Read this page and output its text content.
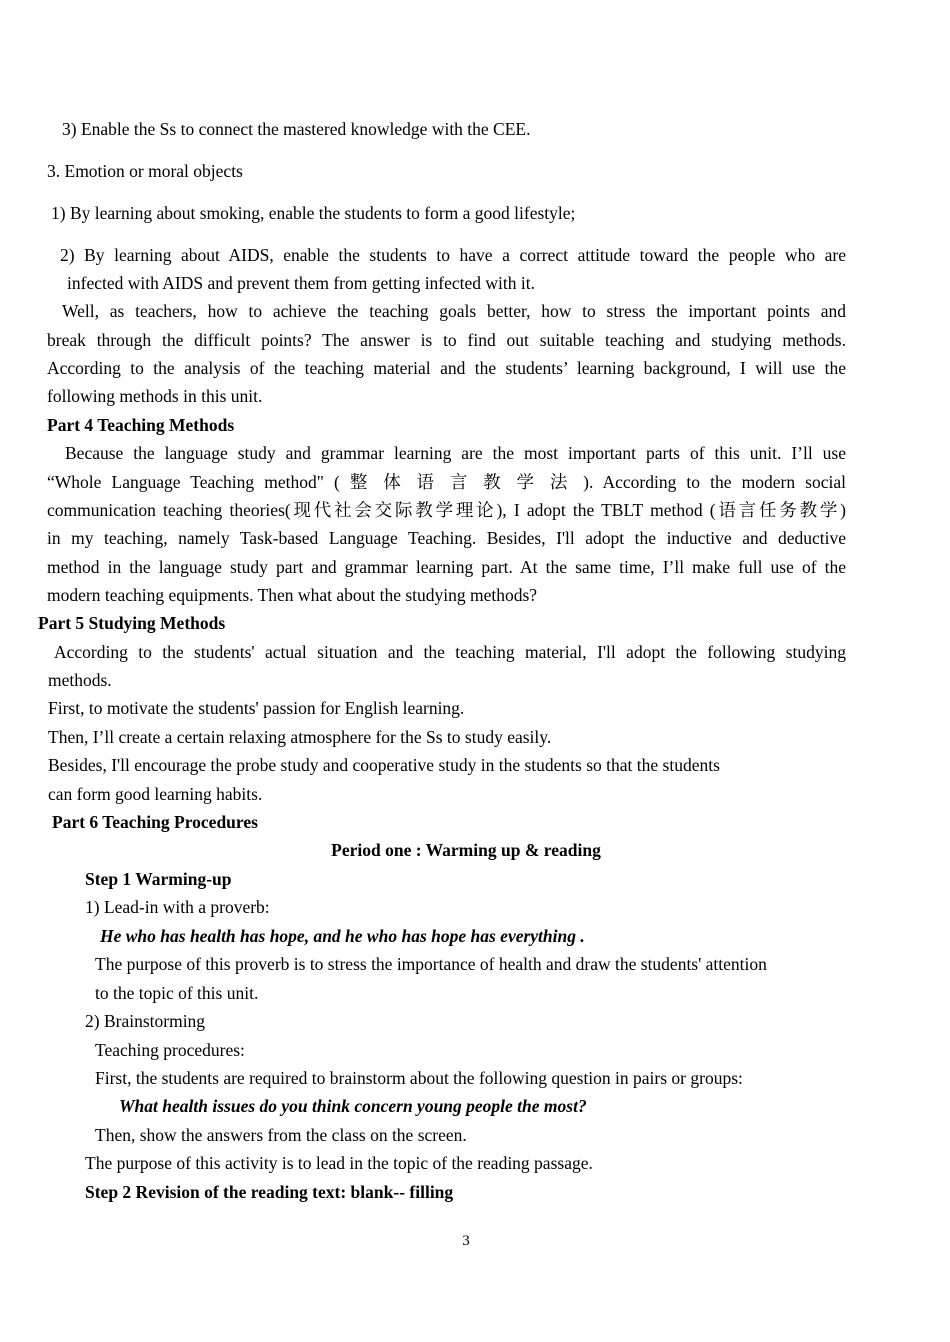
3) Enable the Ss to connect the mastered knowledge with the CEE.
3. Emotion or moral objects
1) By learning about smoking, enable the students to form a good lifestyle;
2) By learning about AIDS, enable the students to have a correct attitude toward the people who are
infected with AIDS and prevent them from getting infected with it.
Well, as teachers, how to achieve the teaching goals better, how to stress the important points and
break through the difficult points? The answer is to find out suitable teaching and studying methods.
According to the analysis of the teaching material and the students’ learning background, I will use the
following methods in this unit.
Part 4 Teaching Methods
Because the language study and grammar learning are the most important parts of this unit. I’ll use
“Whole Language Teaching method" ( 整 体 语 言 教 学 法 ). According to the modern social
communication teaching theories(现代社会交际教学理论), I adopt the TBLT method (语言任务教学)
in my teaching, namely Task-based Language Teaching. Besides, I'll adopt the inductive and deductive
method in the language study part and grammar learning part. At the same time, I’ll make full use of the
modern teaching equipments. Then what about the studying methods?
Part 5 Studying Methods
According to the students' actual situation and the teaching material, I'll adopt the following studying
methods.
First, to motivate the students' passion for English learning.
Then, I’ll create a certain relaxing atmosphere for the Ss to study easily.
Besides, I'll encourage the probe study and cooperative study in the students so that the students
can form good learning habits.
Part 6 Teaching Procedures
Period one : Warming up & reading
Step 1 Warming-up
1) Lead-in with a proverb:
He who has health has hope, and he who has hope has everything .
The purpose of this proverb is to stress the importance of health and draw the students' attention
to the topic of this unit.
2) Brainstorming
Teaching procedures:
First, the students are required to brainstorm about the following question in pairs or groups:
What health issues do you think concern young people the most?
Then, show the answers from the class on the screen.
The purpose of this activity is to lead in the topic of the reading passage.
Step 2 Revision of the reading text: blank-- filling
3
